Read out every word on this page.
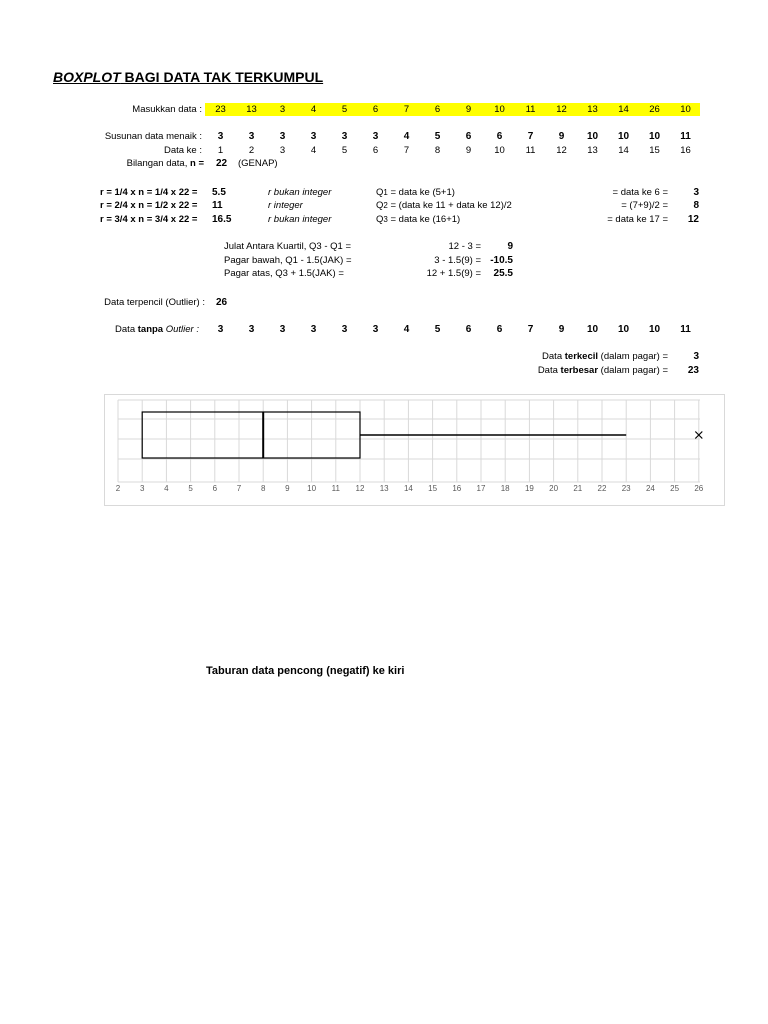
BOXPLOT BAGI DATA TAK TERKUMPUL
Masukkan data :	23	13	3	4	5	6	7	6	9	10	11	12	13	14	26	10
Susunan data menaik :	3	3	3	3	3	3	4	5	6	6	7	9	10	10	10	11
Data ke :	1	2	3	4	5	6	7	8	9	10	11	12	13	14	15	16
Bilangan data, n = 22 (GENAP)
r = 1/4 x n = 1/4 x 22 = 5.5	r bukan integer	Q1 = data ke (5+1)	= data ke 6 =	3
r = 2/4 x n = 1/2 x 22 = 11	r integer	Q2 = (data ke 11 + data ke 12)/2	= (7+9)/2 =	8
r = 3/4 x n = 3/4 x 22 = 16.5	r bukan integer	Q3 = data ke (16+1)	= data ke 17 = 12
Julat Antara Kuartil, Q3 - Q1 =	12 - 3 =	9
Pagar bawah, Q1 - 1.5(JAK) =	3 - 1.5(9) = -10.5
Pagar atas, Q3 + 1.5(JAK) =	12 + 1.5(9) = 25.5
Data terpencil (Outlier) : 26
Data tanpa Outlier :	3	3	3	3	3	3	4	5	6	6	7	9	10	10	10	11
Data terkecil (dalam pagar) =	3
Data terbesar (dalam pagar) = 23
2 3 4 5 6 7 8 9 10 11 12 13 14 15 16 17 18 19 20 21 22 23 24 25 26
Taburan data pencong (negatif) ke kiri
